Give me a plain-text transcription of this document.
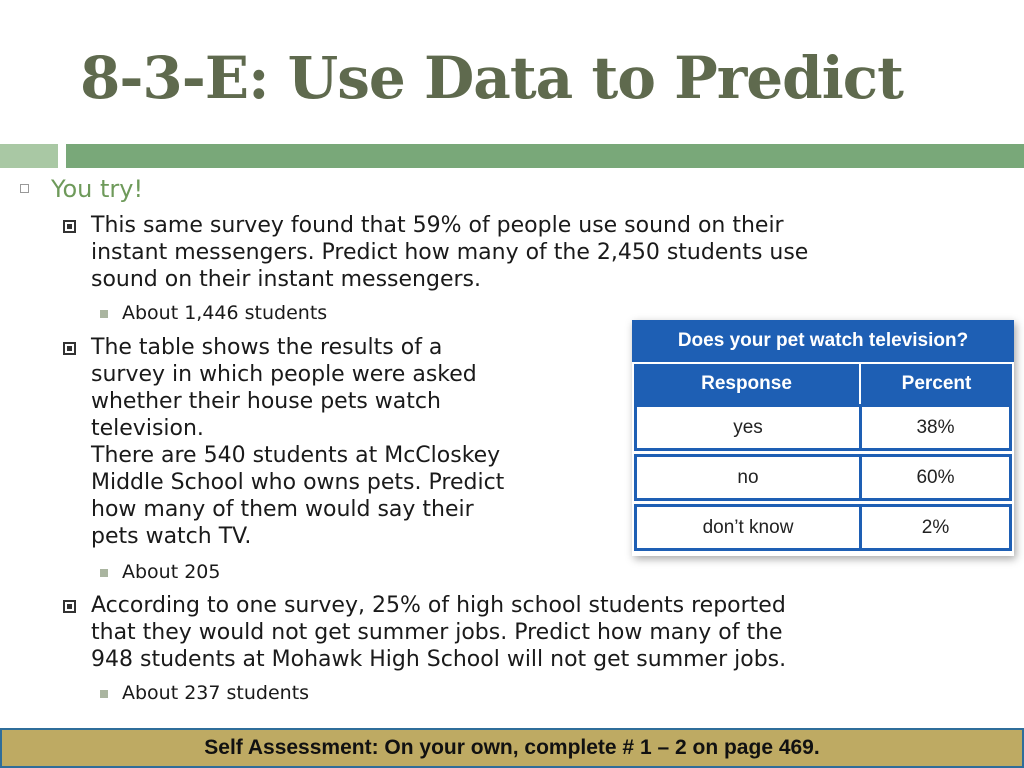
8-3-E: Use Data to Predict
You try!
This same survey found that 59% of people use sound on their
instant messengers. Predict how many of the 2,450 students use
sound on their instant messengers.
About 1,446 students
The table shows the results of a
survey in which people were asked
whether their house pets watch
television.
There are 540 students at McCloskey
Middle School who owns pets. Predict
how many of them would say their
pets watch TV.
About 205
According to one survey, 25% of high school students reported
that they would not get summer jobs. Predict how many of the
948 students at Mohawk High School will not get summer jobs.
About 237 students
Does your pet watch television?
Response	Percent
yes	38%
no	60%
don’t know	2%
Self Assessment: On your own, complete # 1 – 2 on page 469.
